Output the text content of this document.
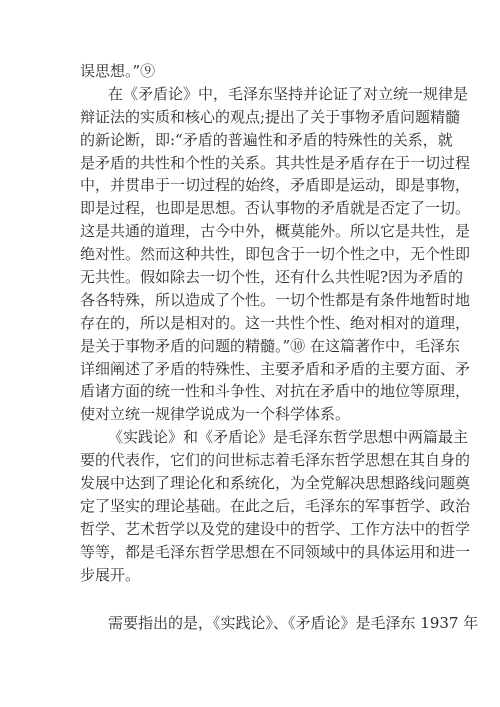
误思想。”⑨
在《矛盾论》中，毛泽东坚持并论证了对立统一规律是
辩证法的实质和核心的观点;提出了关于事物矛盾问题精髓
的新论断，即:“矛盾的普遍性和矛盾的特殊性的关系，就
是矛盾的共性和个性的关系。其共性是矛盾存在于一切过程
中，并贯串于一切过程的始终，矛盾即是运动，即是事物，
即是过程，也即是思想。否认事物的矛盾就是否定了一切。
这是共通的道理，古今中外，概莫能外。所以它是共性，是
绝对性。然而这种共性，即包含于一切个性之中，无个性即
无共性。假如除去一切个性，还有什么共性呢?因为矛盾的
各各特殊，所以造成了个性。一切个性都是有条件地暂时地
存在的，所以是相对的。这一共性个性、绝对相对的道理，
是关于事物矛盾的问题的精髓。”⑩ 在这篇著作中，毛泽东
详细阐述了矛盾的特殊性、主要矛盾和矛盾的主要方面、矛
盾诸方面的统一性和斗争性、对抗在矛盾中的地位等原理，
使对立统一规律学说成为一个科学体系。
《实践论》和《矛盾论》是毛泽东哲学思想中两篇最主
要的代表作，它们的问世标志着毛泽东哲学思想在其自身的
发展中达到了理论化和系统化，为全党解决思想路线问题奠
定了坚实的理论基础。在此之后，毛泽东的军事哲学、政治
哲学、艺术哲学以及党的建设中的哲学、工作方法中的哲学
等等，都是毛泽东哲学思想在不同领域中的具体运用和进一
步展开。
需要指出的是，《实践论》、《矛盾论》是毛泽东 1937 年
